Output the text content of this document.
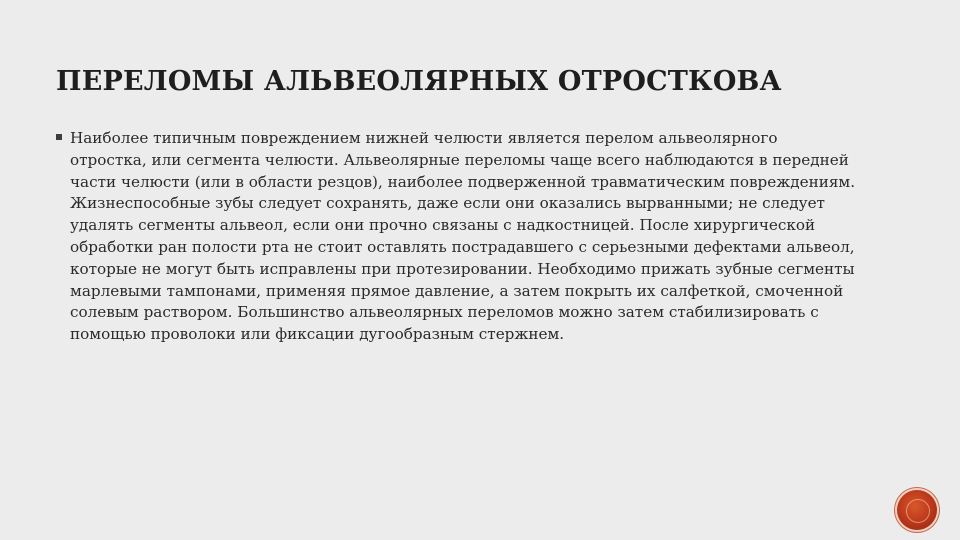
ПЕРЕЛОМЫ АЛЬВЕОЛЯРНЫХ ОТРОСТКОВА

Наиболее типичным повреждением нижней челюсти является перелом альвеолярного отростка, или сегмента челюсти. Альвеолярные переломы чаще всего наблюдаются в передней части челюсти (или в области резцов), наиболее подверженной травматическим повреждениям. Жизнеспособные зубы следует сохранять, даже если они оказались вырванными; не следует удалять сегменты альвеол, если они прочно связаны с надкостницей. После хирургической обработки ран полости рта не стоит оставлять пострадавшего с серьезными дефектами альвеол, которые не могут быть исправлены при протезировании. Необходимо прижать зубные сегменты марлевыми тампонами, применяя прямое давление, а затем покрыть их салфеткой, смоченной солевым раствором. Большинство альвеолярных переломов можно затем стабилизировать с помощью проволоки или фиксации дугообразным стержнем.
